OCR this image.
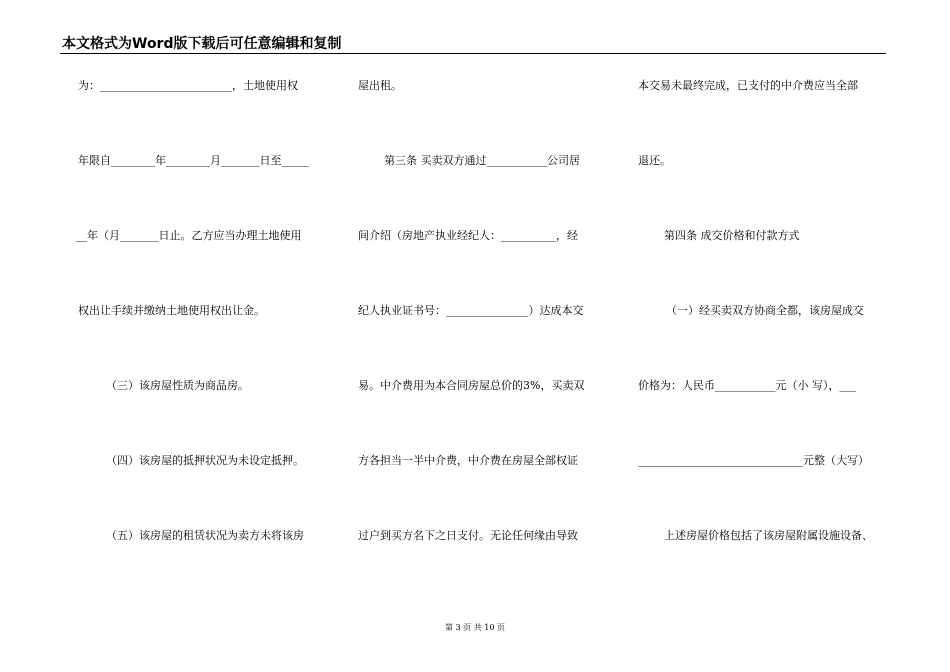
本文格式为Word版下载后可任意编辑和复制
为：________________________，土地使用权
年限自________年________月_______日至_____
__年（月_______日止。乙方应当办理土地使用
权出让手续并缴纳土地使用权出让金。
（三）该房屋性质为商品房。
（四）该房屋的抵押状况为未设定抵押。
（五）该房屋的租赁状况为卖方未将该房
屋出租。
第三条 买卖双方通过___________公司居
间介绍（房地产执业经纪人：__________，经
纪人执业证书号：_______________）达成本交
易。中介费用为本合同房屋总价的3%，买卖双
方各担当一半中介费，中介费在房屋全部权证
过户到买方名下之日支付。无论任何缘由导致
本交易未最终完成，已支付的中介费应当全部
退还。
第四条 成交价格和付款方式
（一）经买卖双方协商全都，该房屋成交
价格为：人民币___________元（小 写），___
______________________________元整（大写）
上述房屋价格包括了该房屋附属设施设备、
第 3 页 共 10 页
